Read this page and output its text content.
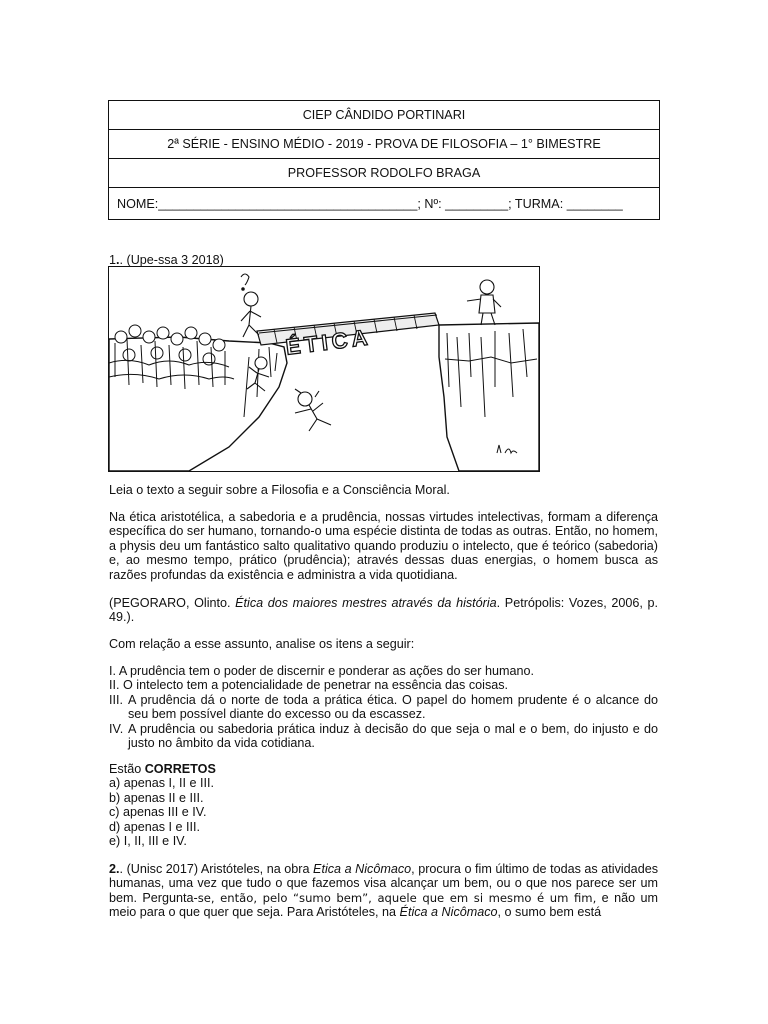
CIEP CÂNDIDO PORTINARI
2ª SÉRIE - ENSINO MÉDIO - 2019 - PROVA DE FILOSOFIA – 1° BIMESTRE
PROFESSOR RODOLFO BRAGA
NOME:_____________________________________; Nº: _________; TURMA: ________
1.. (Upe-ssa 3 2018)
ÉTICA
Leia o texto a seguir sobre a Filosofia e a Consciência Moral.
Na ética aristotélica, a sabedoria e a prudência, nossas virtudes intelectivas, formam a diferença específica do ser humano, tornando-o uma espécie distinta de todas as outras. Então, no homem, a physis deu um fantástico salto qualitativo quando produziu o intelecto, que é teórico (sabedoria) e, ao mesmo tempo, prático (prudência); através dessas duas energias, o homem busca as razões profundas da existência e administra a vida quotidiana.
(PEGORARO, Olinto. Ética dos maiores mestres através da história. Petrópolis: Vozes, 2006, p. 49.).
Com relação a esse assunto, analise os itens a seguir:
I. A prudência tem o poder de discernir e ponderar as ações do ser humano.
II. O intelecto tem a potencialidade de penetrar na essência das coisas.
III. A prudência dá o norte de toda a prática ética. O papel do homem prudente é o alcance do seu bem possível diante do excesso ou da escassez.
IV. A prudência ou sabedoria prática induz à decisão do que seja o mal e o bem, do injusto e do justo no âmbito da vida cotidiana.
Estão CORRETOS
a) apenas I, II e III.
b) apenas II e III.
c) apenas III e IV.
d) apenas I e III.
e) I, II, III e IV.
2.. (Unisc 2017) Aristóteles, na obra Etica a Nicômaco, procura o fim último de todas as atividades humanas, uma vez que tudo o que fazemos visa alcançar um bem, ou o que nos parece ser um bem. Pergunta-se, então, pelo “sumo bem”, aquele que em si mesmo é um fim, e não um meio para o que quer que seja. Para Aristóteles, na Ética a Nicômaco, o sumo bem está
